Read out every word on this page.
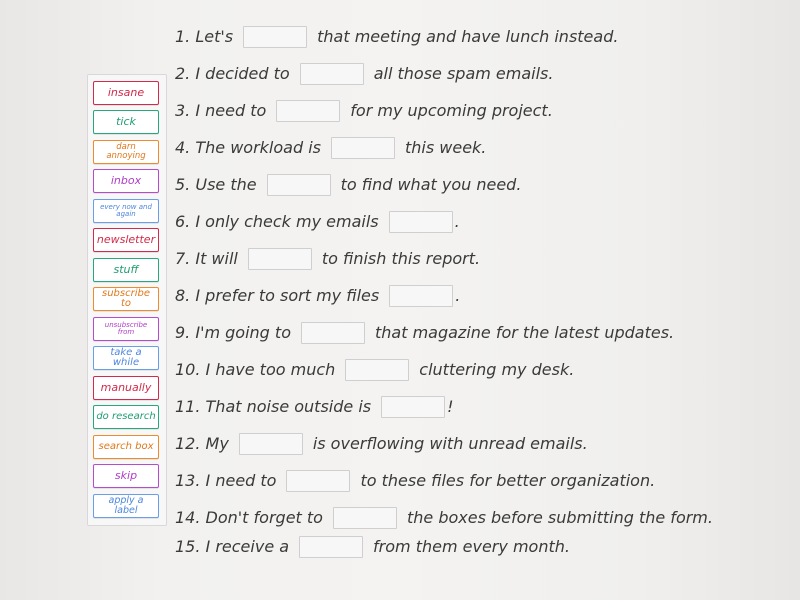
insane
tick
darn annoying
inbox
every now and again
newsletter
stuff
subscribe to
unsubscribe from
take a while
manually
do research
search box
skip
apply a label
1. Let's	that meeting and have lunch instead.
2. I decided to	all those spam emails.
3. I need to	for my upcoming project.
4. The workload is	this week.
5. Use the	to find what you need.
6. I only check my emails	.
7. It will	to finish this report.
8. I prefer to sort my files	.
9. I'm going to	that magazine for the latest updates.
10. I have too much	cluttering my desk.
11. That noise outside is	!
12. My	is overflowing with unread emails.
13. I need to	to these files for better organization.
14. Don't forget to	the boxes before submitting the form.
15. I receive a	from them every month.
